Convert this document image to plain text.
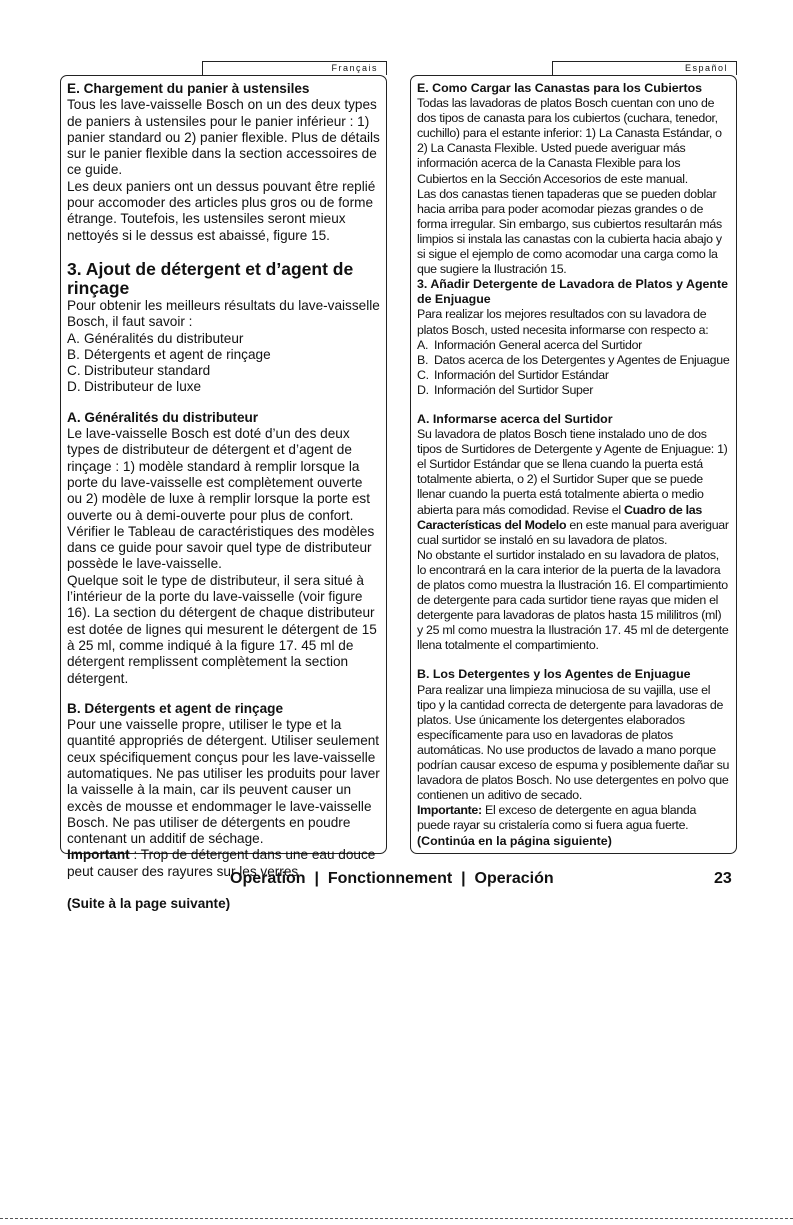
Français	Español
E. Chargement du panier à ustensiles

Tous les lave-vaisselle Bosch on un des deux types de paniers à ustensiles pour le panier inférieur : 1) panier standard ou 2) panier flexible. Plus de détails sur le panier flexible dans la section accessoires de ce guide.

Les deux paniers ont un dessus pouvant être replié pour accomoder des articles plus gros ou de forme étrange. Toutefois, les ustensiles seront mieux nettoyés si le dessus est abaissé, figure 15.

3. Ajout de détergent et d’agent de rinçage

Pour obtenir les meilleurs résultats du lave-vaisselle Bosch, il faut savoir :

A. Généralités du distributeur
B. Détergents et agent de rinçage
C. Distributeur standard
D. Distributeur de luxe
A. Généralités du distributeur

Le lave-vaisselle Bosch est doté d’un des deux types de distributeur de détergent et d’agent de rinçage : 1) modèle standard à remplir lorsque la porte du lave-vaisselle est complètement ouverte ou 2) modèle de luxe à remplir lorsque la porte est ouverte ou à demi-ouverte pour plus de confort. Vérifier le Tableau de caractéristiques des modèles dans ce guide pour savoir quel type de distributeur possède le lave-vaisselle.

Quelque soit le type de distributeur, il sera situé à l’intérieur de la porte du lave-vaisselle (voir figure 16). La section du détergent de chaque distributeur est dotée de lignes qui mesurent le détergent de 15 à 25 ml, comme indiqué à la figure 17. 45 ml de détergent remplissent complètement la section détergent.

B. Détergents et agent de rinçage

Pour une vaisselle propre, utiliser le type et la quantité appropriés de détergent. Utiliser seulement ceux spécifiquement conçus pour les lave-vaisselle automatiques. Ne pas utiliser les produits pour laver la vaisselle à la main, car ils peuvent causer un excès de mousse et endommager le lave-vaisselle Bosch. Ne pas utiliser de détergents en poudre contenant un additif de séchage.

Important : Trop de détergent dans une eau douce peut causer des rayures sur les verres.

(Suite à la page suivante)
E. Como Cargar las Canastas para los Cubiertos

Todas las lavadoras de platos Bosch cuentan con uno de dos tipos de canasta para los cubiertos (cuchara, tenedor, cuchillo) para el estante inferior: 1) La Canasta Estándar, o 2) La Canasta Flexible. Usted puede averiguar más información acerca de la Canasta Flexible para los Cubiertos en la Sección Accesorios de este manual.

Las dos canastas tienen tapaderas que se pueden doblar hacia arriba para poder acomodar piezas grandes o de forma irregular. Sin embargo, sus cubiertos resultarán más limpios si instala las canastas con la cubierta hacia abajo y si sigue el ejemplo de como acomodar una carga como la que sugiere la Ilustración 15.

3. Añadir Detergente de Lavadora de Platos y Agente de Enjuague

Para realizar los mejores resultados con su lavadora de platos Bosch, usted necesita informarse con respecto a:

A. Información General acerca del Surtidor
B. Datos acerca de los Detergentes y Agentes de Enjuague
C. Información del Surtidor Estándar
D. Información del Surtidor Super
A. Informarse acerca del Surtidor

Su lavadora de platos Bosch tiene instalado uno de dos tipos de Surtidores de Detergente y Agente de Enjuague: 1) el Surtidor Estándar que se llena cuando la puerta está totalmente abierta, o 2) el Surtidor Super que se puede llenar cuando la puerta está totalmente abierta o medio abierta para más comodidad. Revise el Cuadro de las Características del Modelo en este manual para averiguar cual surtidor se instaló en su lavadora de platos.

No obstante el surtidor instalado en su lavadora de platos, lo encontrará en la cara interior de la puerta de la lavadora de platos como muestra la Ilustración 16. El compartimiento de detergente para cada surtidor tiene rayas que miden el detergente para lavadoras de platos hasta 15 mililitros (ml) y 25 ml como muestra la Ilustración 17. 45 ml de detergente llena totalmente el compartimiento.

B. Los Detergentes y los Agentes de Enjuague

Para realizar una limpieza minuciosa de su vajilla, use el tipo y la cantidad correcta de detergente para lavadoras de platos. Use únicamente los detergentes elaborados específicamente para uso en lavadoras de platos automáticas. No use productos de lavado a mano porque podrían causar exceso de espuma y posiblemente dañar su lavadora de platos Bosch. No use detergentes en polvo que contienen un aditivo de secado.

Importante: El exceso de detergente en agua blanda puede rayar su cristalería como si fuera agua fuerte.

(Continúa en la página siguiente)
Operation  |  Fonctionnement  |  Operación	23
